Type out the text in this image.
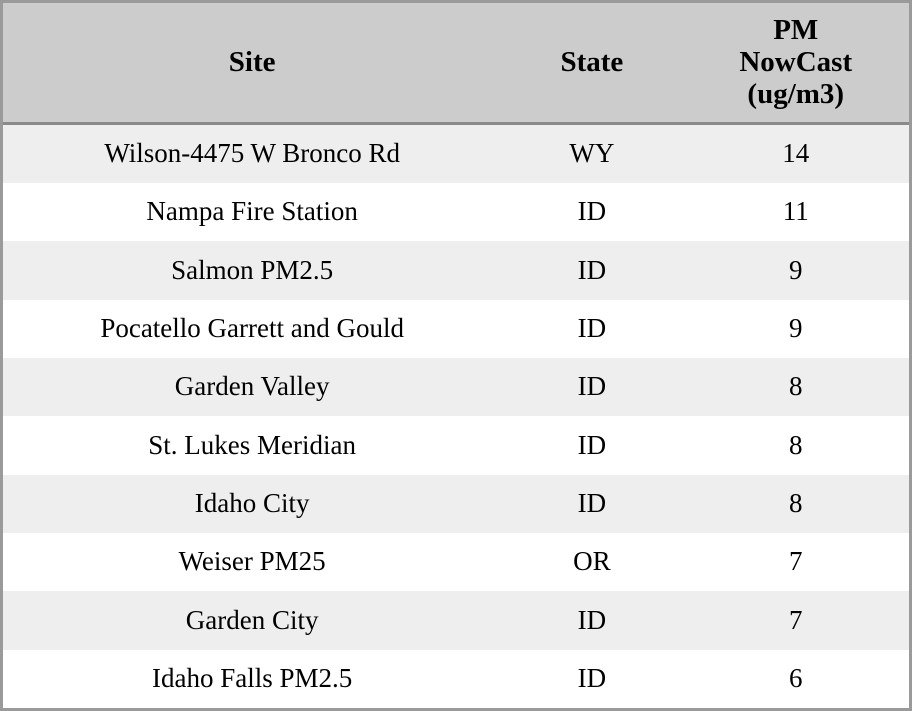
Site	State	PM
NowCast
(ug/m3)

Wilson-4475 W Bronco Rd	WY	14
Nampa Fire Station	ID	11
Salmon PM2.5	ID	9
Pocatello Garrett and Gould	ID	9
Garden Valley	ID	8
St. Lukes Meridian	ID	8
Idaho City	ID	8
Weiser PM25	OR	7
Garden City	ID	7
Idaho Falls PM2.5	ID	6
